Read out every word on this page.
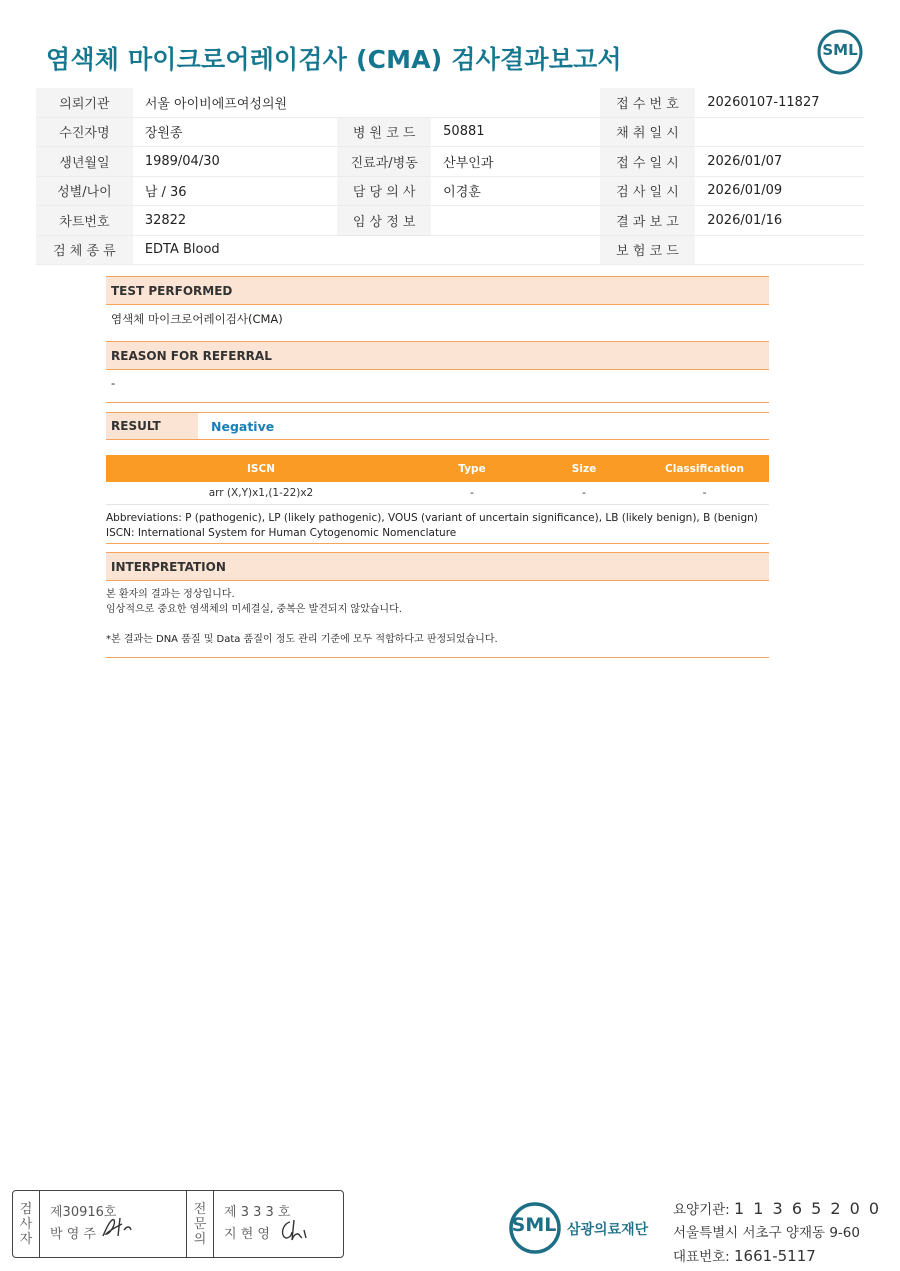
염색체 마이크로어레이검사 (CMA) 검사결과보고서	SML
의뢰기관	서울 아이비에프여성의원			접 수 번 호	20260107-11827
수진자명	장원종	병 원 코 드	50881	채 취 일 시	
생년월일	1989/04/30	진료과/병동	산부인과	접 수 일 시	2026/01/07
성별/나이	남 / 36	담 당 의 사	이경훈	검 사 일 시	2026/01/09
차트번호	32822	임 상 정 보		결 과 보 고	2026/01/16
검 체 종 류	EDTA Blood			보 험 코 드	
TEST PERFORMED
염색체 마이크로어레이검사(CMA)
REASON FOR REFERRAL
-
RESULT	Negative
ISCN	Type	Size	Classification
arr (X,Y)x1,(1-22)x2	-	-	-
Abbreviations: P (pathogenic), LP (likely pathogenic), VOUS (variant of uncertain significance), LB (likely benign), B (benign)
ISCN: International System for Human Cytogenomic Nomenclature
INTERPRETATION
본 환자의 결과는 정상입니다.
임상적으로 중요한 염색체의 미세결실, 중복은 발견되지 않았습니다.
*본 결과는 DNA 품질 및 Data 품질이 정도 관리 기준에 모두 적합하다고 판정되었습니다.
검
사
자
제30916호
박 영 주
전
문
의
제 3 3 3 호
지 현 영	SML 삼광의료재단
요양기관: 1 1 3 6 5 2 0 0
서울특별시 서초구 양재동 9-60
대표번호: 1661-5117
